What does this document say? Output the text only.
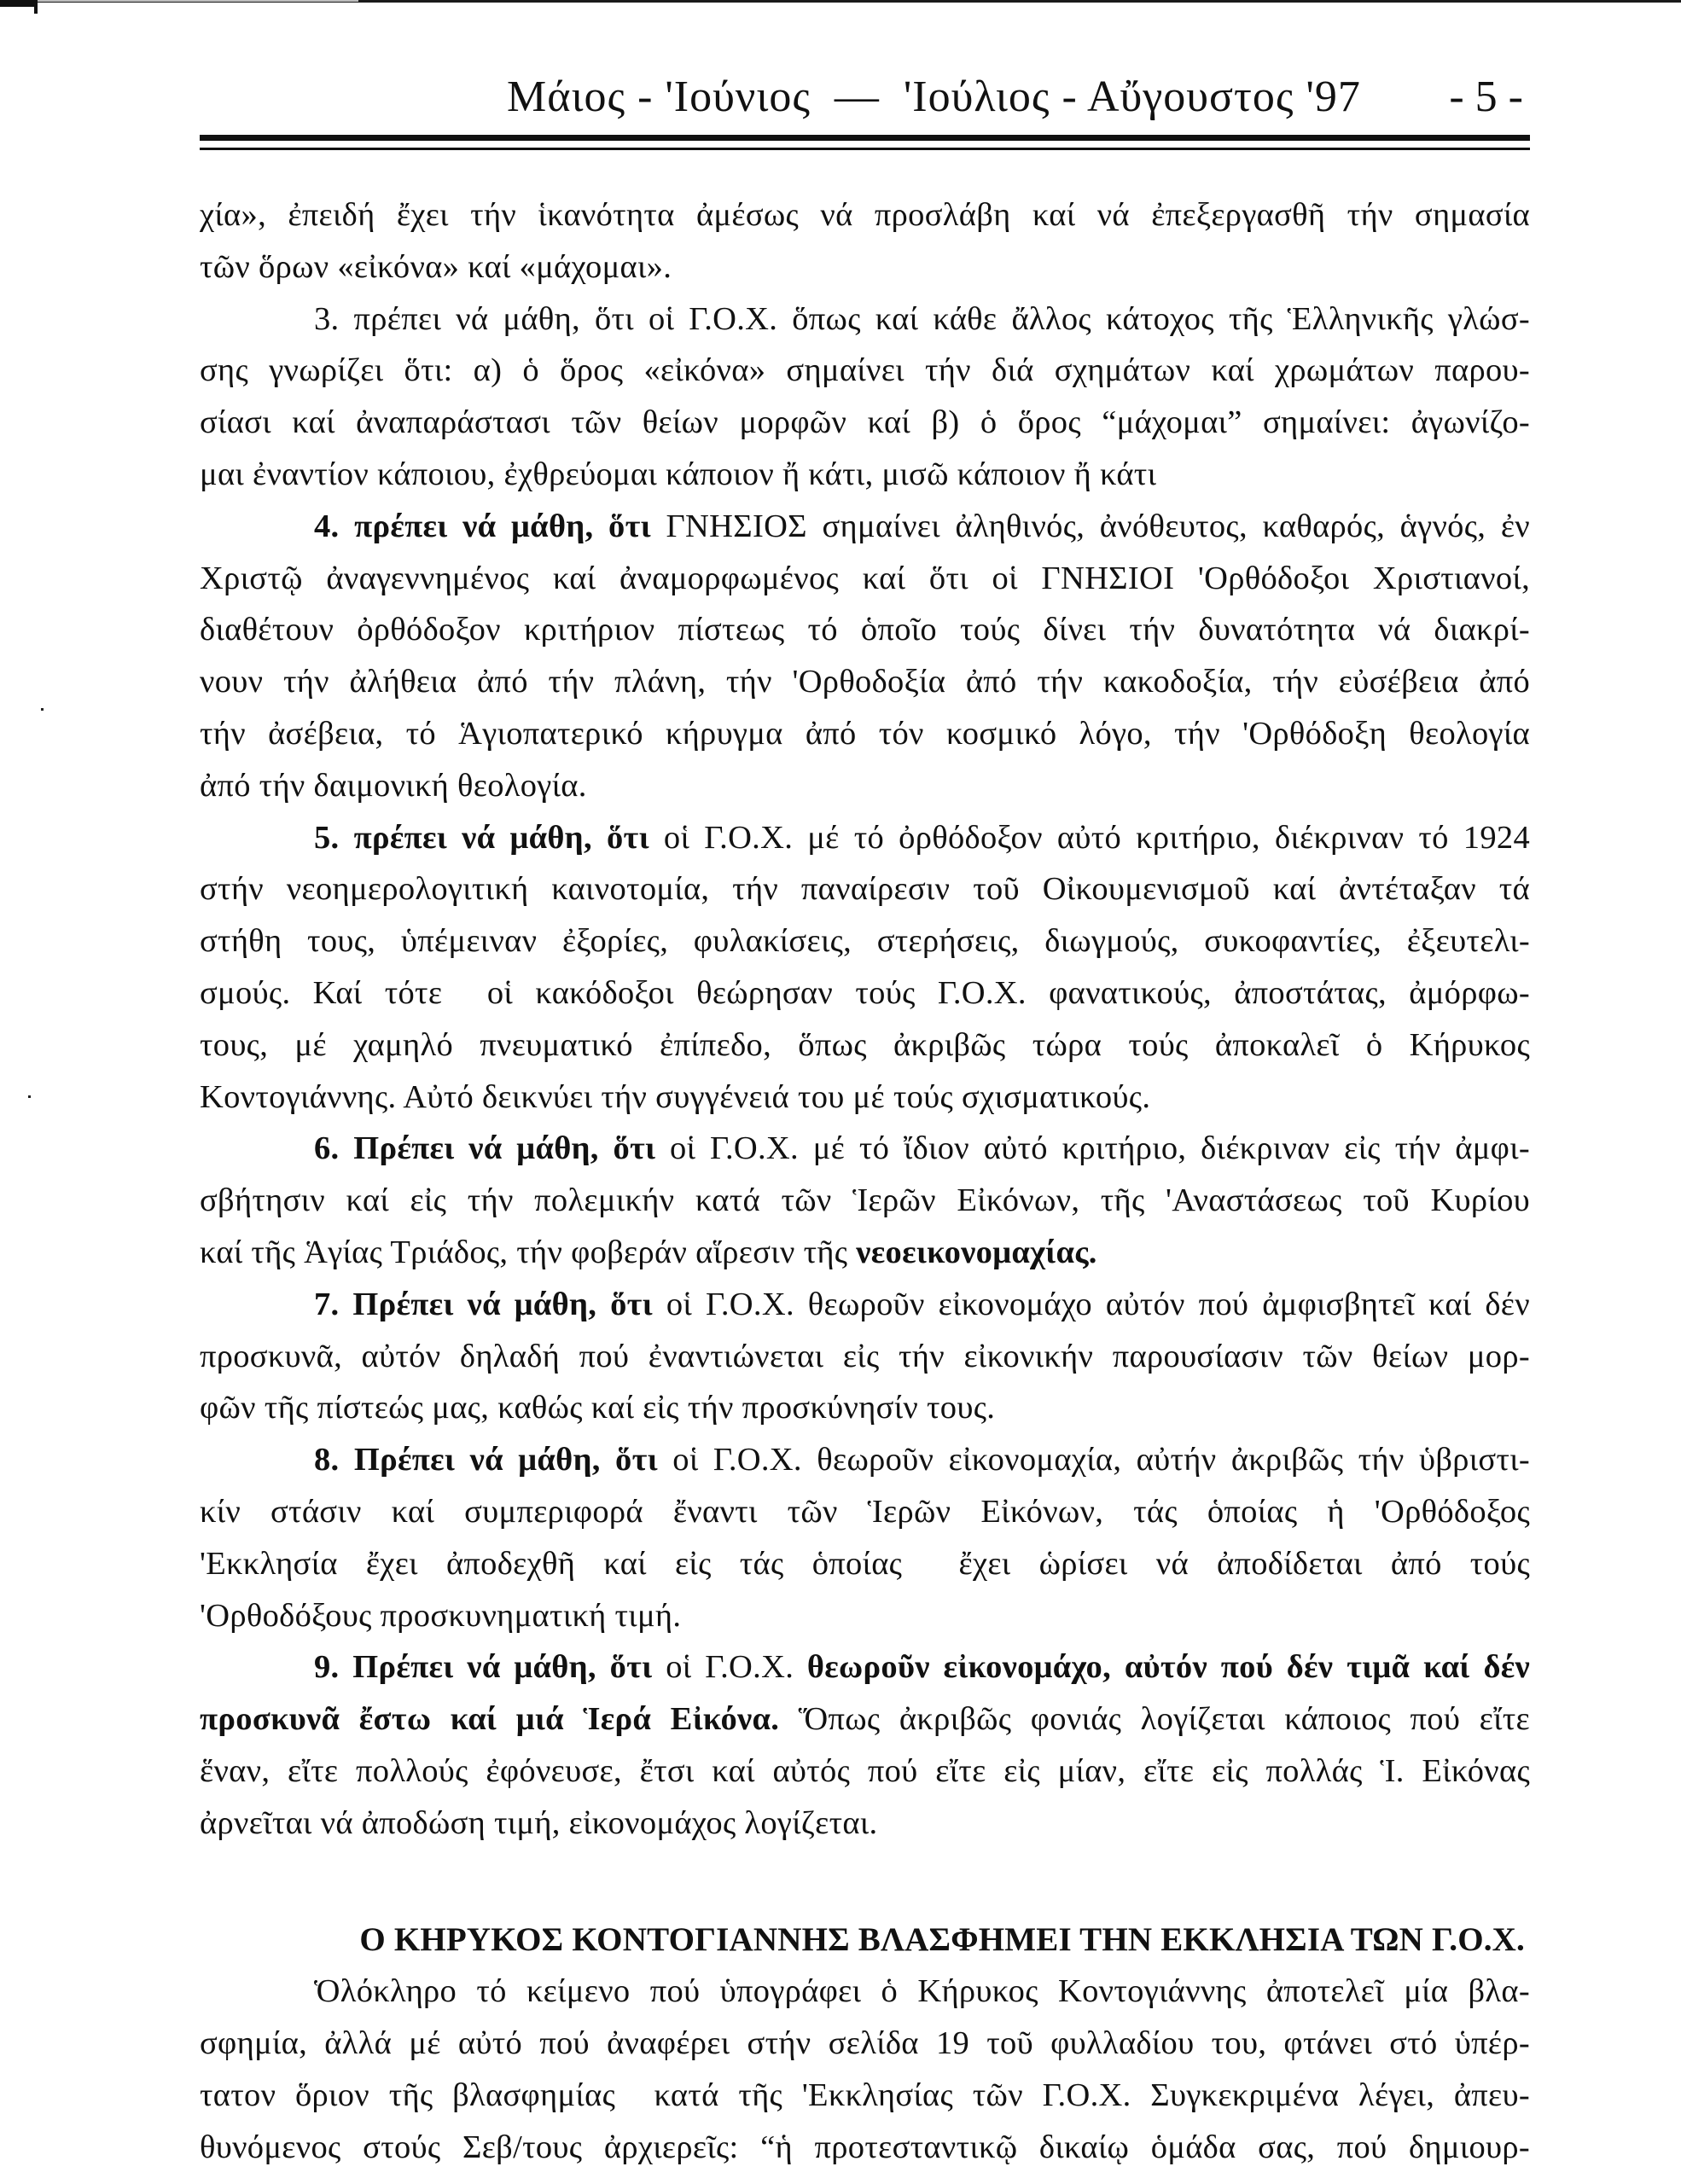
Μάιος - 'Ιούνιος  —  'Ιούλιος - Αὔγουστος '97 - 5 -
χία», ἐπειδή ἔχει τήν ἱκανότητα ἀμέσως νά προσλάβη καί νά ἐπεξεργασθῆ τήν σημασία
τῶν ὅρων «εἰκόνα» καί «μάχομαι».
3. πρέπει νά μάθη, ὅτι οἱ Γ.Ο.Χ. ὅπως καί κάθε ἄλλος κάτοχος τῆς Ἑλληνικῆς γλώσ-
σης γνωρίζει ὅτι: α) ὁ ὅρος «εἰκόνα» σημαίνει τήν διά σχημάτων καί χρωμάτων παρου-
σίασι καί ἀναπαράστασι τῶν θείων μορφῶν καί β) ὁ ὅρος “μάχομαι” σημαίνει: ἀγωνίζο-
μαι ἐναντίον κάποιου, ἐχθρεύομαι κάποιον ἤ κάτι, μισῶ κάποιον ἤ κάτι
4. πρέπει νά μάθη, ὅτι ΓΝΗΣΙΟΣ σημαίνει ἀληθινός, ἀνόθευτος, καθαρός, ἁγνός, ἐν
Χριστῷ ἀναγεννημένος καί ἀναμορφωμένος καί ὅτι οἱ ΓΝΗΣΙΟΙ 'Ορθόδοξοι Χριστιανοί,
διαθέτουν ὀρθόδοξον κριτήριον πίστεως τό ὁποῖο τούς δίνει τήν δυνατότητα νά διακρί-
νουν τήν ἀλήθεια ἀπό τήν πλάνη, τήν 'Ορθοδοξία ἀπό τήν κακοδοξία, τήν εὐσέβεια ἀπό
τήν ἀσέβεια, τό Ἁγιοπατερικό κήρυγμα ἀπό τόν κοσμικό λόγο, τήν 'Ορθόδοξη θεολογία
ἀπό τήν δαιμονική θεολογία.
5. πρέπει νά μάθη, ὅτι οἱ Γ.Ο.Χ. μέ τό ὀρθόδοξον αὐτό κριτήριο, διέκριναν τό 1924
στήν νεοημερολογιτική καινοτομία, τήν παναίρεσιν τοῦ Οἰκουμενισμοῦ καί ἀντέταξαν τά
στήθη τους, ὑπέμειναν ἐξορίες, φυλακίσεις, στερήσεις, διωγμούς, συκοφαντίες, ἐξευτελι-
σμούς. Καί τότε  οἱ κακόδοξοι θεώρησαν τούς Γ.Ο.Χ. φανατικούς, ἀποστάτας, ἀμόρφω-
τους, μέ χαμηλό πνευματικό ἐπίπεδο, ὅπως ἀκριβῶς τώρα τούς ἀποκαλεῖ ὁ Κήρυκος
Κοντογιάννης. Αὐτό δεικνύει τήν συγγένειά του μέ τούς σχισματικούς.
6. Πρέπει νά μάθη, ὅτι οἱ Γ.Ο.Χ. μέ τό ἴδιον αὐτό κριτήριο, διέκριναν εἰς τήν ἀμφι-
σβήτησιν καί εἰς τήν πολεμικήν κατά τῶν Ἱερῶν Εἰκόνων, τῆς 'Αναστάσεως τοῦ Κυρίου
καί τῆς Ἁγίας Τριάδος, τήν φοβεράν αἵρεσιν τῆς νεοεικονομαχίας.
7. Πρέπει νά μάθη, ὅτι οἱ Γ.Ο.Χ. θεωροῦν εἰκονομάχο αὐτόν πού ἀμφισβητεῖ καί δέν
προσκυνᾶ, αὐτόν δηλαδή πού ἐναντιώνεται εἰς τήν εἰκονικήν παρουσίασιν τῶν θείων μορ-
φῶν τῆς πίστεώς μας, καθώς καί εἰς τήν προσκύνησίν τους.
8. Πρέπει νά μάθη, ὅτι οἱ Γ.Ο.Χ. θεωροῦν εἰκονομαχία, αὐτήν ἀκριβῶς τήν ὑβριστι-
κίν στάσιν καί συμπεριφορά ἔναντι τῶν Ἱερῶν Εἰκόνων, τάς ὁποίας ἡ 'Ορθόδοξος
'Εκκλησία ἔχει ἀποδεχθῆ καί εἰς τάς ὁποίας  ἔχει ὡρίσει νά ἀποδίδεται ἀπό τούς
'Ορθοδόξους προσκυνηματική τιμή.
9. Πρέπει νά μάθη, ὅτι οἱ Γ.Ο.Χ. θεωροῦν εἰκονομάχο, αὐτόν πού δέν τιμᾶ καί δέν
προσκυνᾶ ἔστω καί μιά Ἱερά Εἰκόνα. Ὅπως ἀκριβῶς φονιάς λογίζεται κάποιος πού εἴτε
ἕναν, εἴτε πολλούς ἐφόνευσε, ἔτσι καί αὐτός πού εἴτε εἰς μίαν, εἴτε εἰς πολλάς Ἱ. Εἰκόνας
ἀρνεῖται νά ἀποδώση τιμή, εἰκονομάχος λογίζεται.
Ο ΚΗΡΥΚΟΣ ΚΟΝΤΟΓΙΑΝΝΗΣ ΒΛΑΣΦΗΜΕΙ ΤΗΝ ΕΚΚΛΗΣΙΑ ΤΩΝ Γ.Ο.Χ.
Ὁλόκληρο τό κείμενο πού ὑπογράφει ὁ Κήρυκος Κοντογιάννης ἀποτελεῖ μία βλα-
σφημία, ἀλλά μέ αὐτό πού ἀναφέρει στήν σελίδα 19 τοῦ φυλλαδίου του, φτάνει στό ὑπέρ-
τατον ὅριον τῆς βλασφημίας  κατά τῆς 'Εκκλησίας τῶν Γ.Ο.Χ. Συγκεκριμένα λέγει, ἀπευ-
θυνόμενος στούς Σεβ/τους ἀρχιερεῖς: “ἡ προτεσταντικῷ δικαίῳ ὁμάδα σας, πού δημιουρ-
